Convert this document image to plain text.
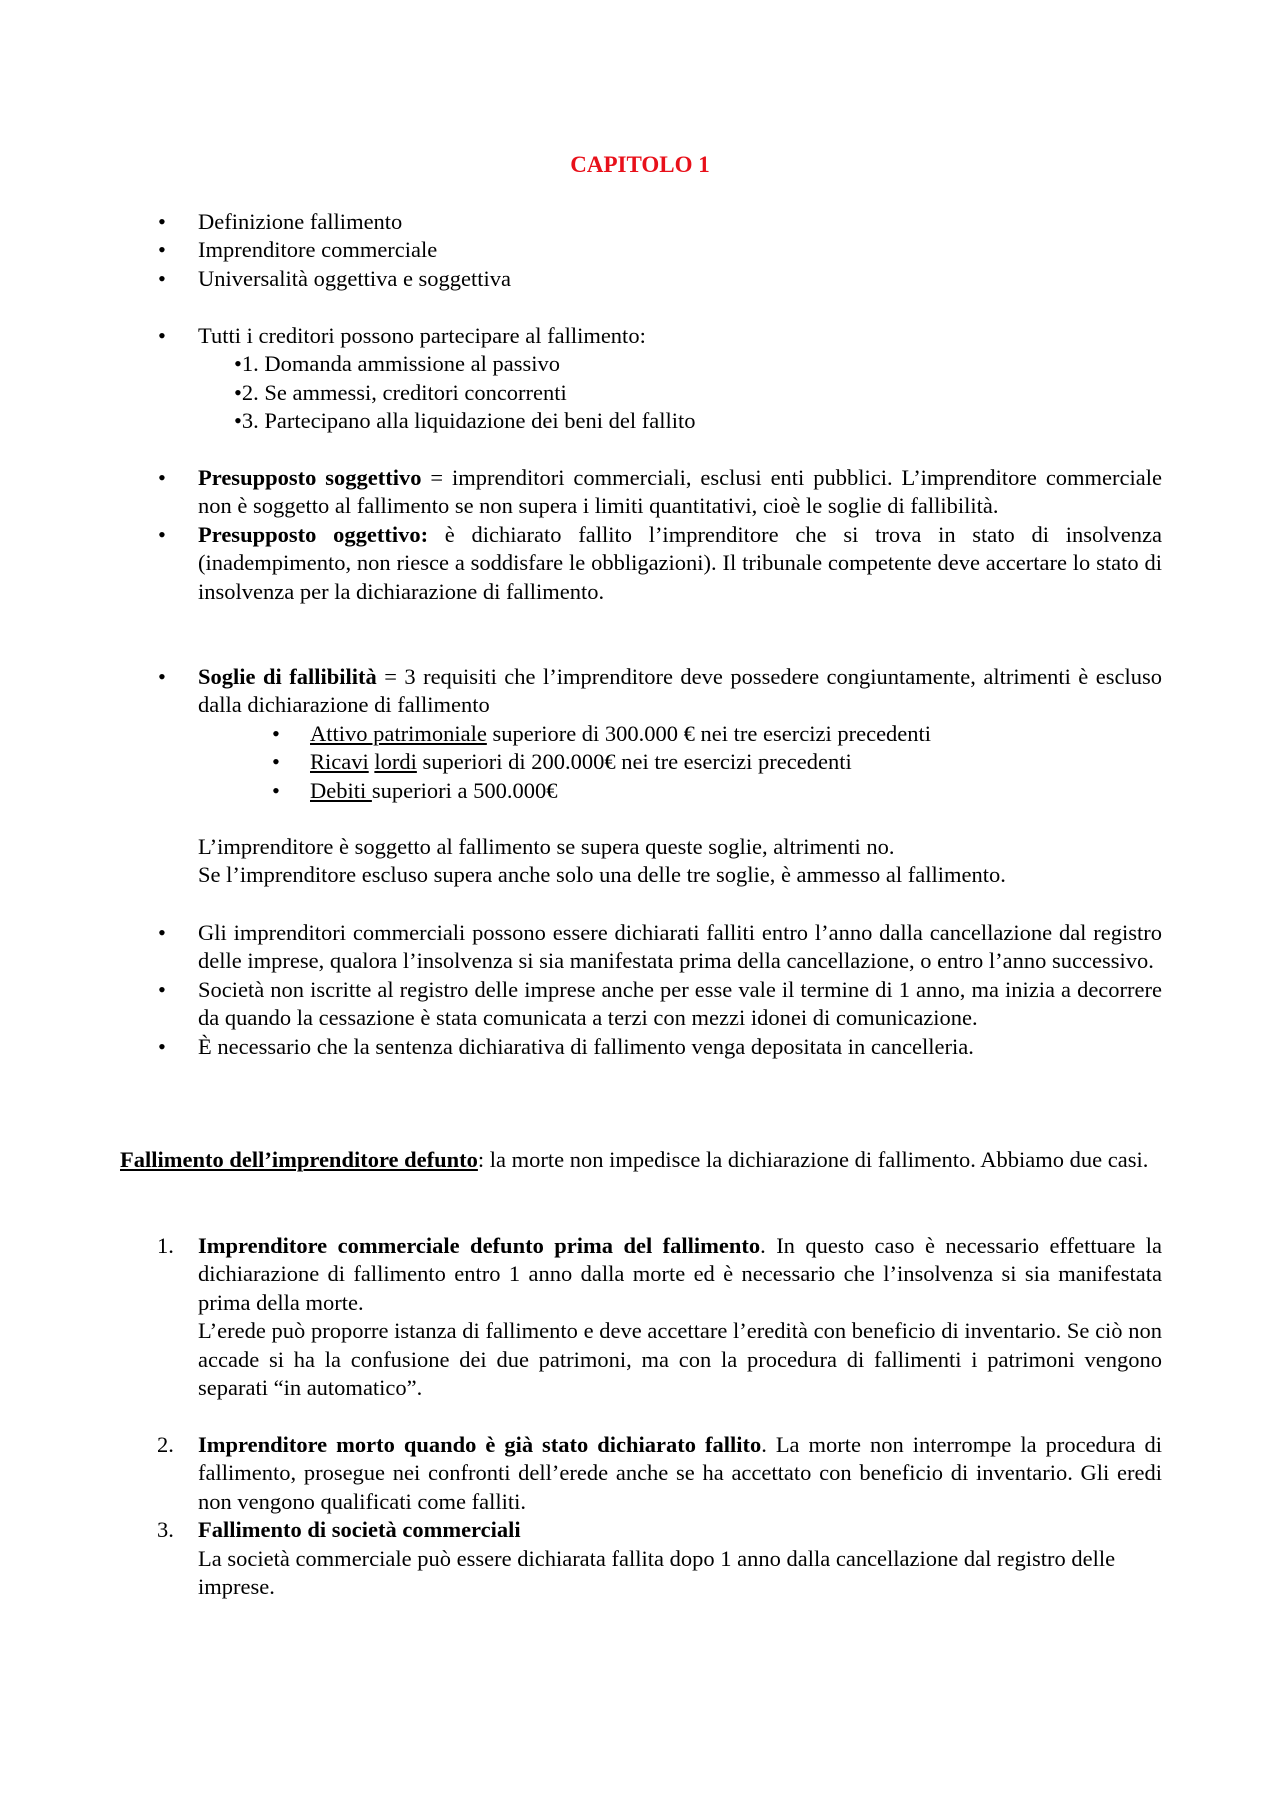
CAPITOLO 1
• Definizione fallimento
• Imprenditore commerciale
• Universalità oggettiva e soggettiva
• Tutti i creditori possono partecipare al fallimento:
•1. Domanda ammissione al passivo
•2. Se ammessi, creditori concorrenti
•3. Partecipano alla liquidazione dei beni del fallito
• Presupposto soggettivo = imprenditori commerciali, esclusi enti pubblici. L’imprenditore commerciale non è soggetto al fallimento se non supera i limiti quantitativi, cioè le soglie di fallibilità.
• Presupposto oggettivo: è dichiarato fallito l’imprenditore che si trova in stato di insolvenza (inadempimento, non riesce a soddisfare le obbligazioni). Il tribunale competente deve accertare lo stato di insolvenza per la dichiarazione di fallimento.
• Soglie di fallibilità = 3 requisiti che l’imprenditore deve possedere congiuntamente, altrimenti è escluso dalla dichiarazione di fallimento
• Attivo patrimoniale superiore di 300.000 € nei tre esercizi precedenti
• Ricavi lordi superiori di 200.000€ nei tre esercizi precedenti
• Debiti superiori a 500.000€
L’imprenditore è soggetto al fallimento se supera queste soglie, altrimenti no.
Se l’imprenditore escluso supera anche solo una delle tre soglie, è ammesso al fallimento.
• Gli imprenditori commerciali possono essere dichiarati falliti entro l’anno dalla cancellazione dal registro delle imprese, qualora l’insolvenza si sia manifestata prima della cancellazione, o entro l’anno successivo.
• Società non iscritte al registro delle imprese anche per esse vale il termine di 1 anno, ma inizia a decorrere da quando la cessazione è stata comunicata a terzi con mezzi idonei di comunicazione.
• È necessario che la sentenza dichiarativa di fallimento venga depositata in cancelleria.

Fallimento dell’imprenditore defunto: la morte non impedisce la dichiarazione di fallimento. Abbiamo due casi.

1. Imprenditore commerciale defunto prima del fallimento. In questo caso è necessario effettuare la dichiarazione di fallimento entro 1 anno dalla morte ed è necessario che l’insolvenza si sia manifestata prima della morte.
L’erede può proporre istanza di fallimento e deve accettare l’eredità con beneficio di inventario. Se ciò non accade si ha la confusione dei due patrimoni, ma con la procedura di fallimenti i patrimoni vengono separati “in automatico”.
2. Imprenditore morto quando è già stato dichiarato fallito. La morte non interrompe la procedura di fallimento, prosegue nei confronti dell’erede anche se ha accettato con beneficio di inventario. Gli eredi non vengono qualificati come falliti.
3. Fallimento di società commerciali
La società commerciale può essere dichiarata fallita dopo 1 anno dalla cancellazione dal registro delle imprese.
